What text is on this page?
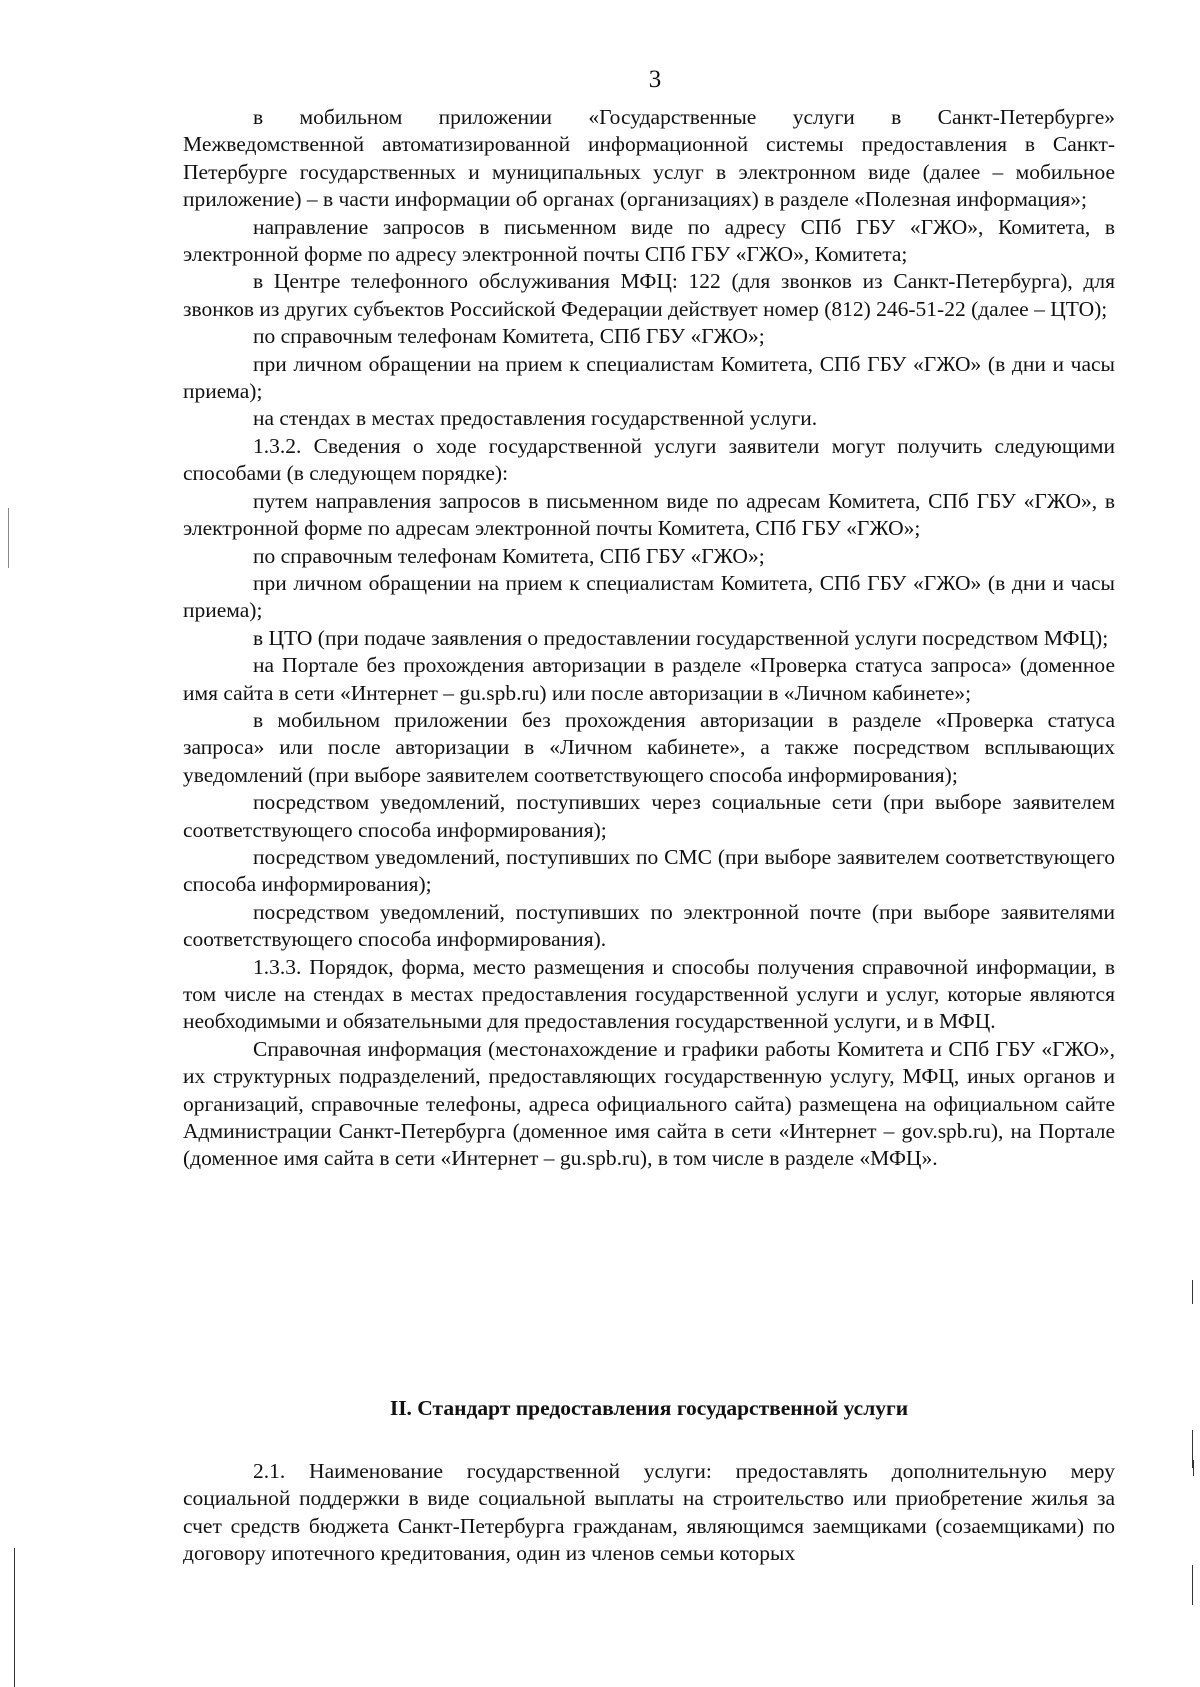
3

в мобильном приложении «Государственные услуги в Санкт-Петербурге» Межведомственной автоматизированной информационной системы предоставления в Санкт-Петербурге государственных и муниципальных услуг в электронном виде (далее – мобильное приложение) – в части информации об органах (организациях) в разделе «Полезная информация»;

направление запросов в письменном виде по адресу СПб ГБУ «ГЖО», Комитета, в электронной форме по адресу электронной почты СПб ГБУ «ГЖО», Комитета;

в Центре телефонного обслуживания МФЦ: 122 (для звонков из Санкт-Петербурга), для звонков из других субъектов Российской Федерации действует номер (812) 246-51-22 (далее – ЦТО);

по справочным телефонам Комитета, СПб ГБУ «ГЖО»;

при личном обращении на прием к специалистам Комитета, СПб ГБУ «ГЖО» (в дни и часы приема);

на стендах в местах предоставления государственной услуги.

1.3.2. Сведения о ходе государственной услуги заявители могут получить следующими способами (в следующем порядке):

путем направления запросов в письменном виде по адресам Комитета, СПб ГБУ «ГЖО», в электронной форме по адресам электронной почты Комитета, СПб ГБУ «ГЖО»;

по справочным телефонам Комитета, СПб ГБУ «ГЖО»;

при личном обращении на прием к специалистам Комитета, СПб ГБУ «ГЖО» (в дни и часы приема);

в ЦТО (при подаче заявления о предоставлении государственной услуги посредством МФЦ);

на Портале без прохождения авторизации в разделе «Проверка статуса запроса» (доменное имя сайта в сети «Интернет – gu.spb.ru) или после авторизации в «Личном кабинете»;

в мобильном приложении без прохождения авторизации в разделе «Проверка статуса запроса» или после авторизации в «Личном кабинете», а также посредством всплывающих уведомлений (при выборе заявителем соответствующего способа информирования);

посредством уведомлений, поступивших через социальные сети (при выборе заявителем соответствующего способа информирования);

посредством уведомлений, поступивших по СМС (при выборе заявителем соответствующего способа информирования);

посредством уведомлений, поступивших по электронной почте (при выборе заявителями соответствующего способа информирования).

1.3.3. Порядок, форма, место размещения и способы получения справочной информации, в том числе на стендах в местах предоставления государственной услуги и услуг, которые являются необходимыми и обязательными для предоставления государственной услуги, и в МФЦ.

Справочная информация (местонахождение и графики работы Комитета и СПб ГБУ «ГЖО», их структурных подразделений, предоставляющих государственную услугу, МФЦ, иных органов и организаций, справочные телефоны, адреса официального сайта) размещена на официальном сайте Администрации Санкт-Петербурга (доменное имя сайта в сети «Интернет – gov.spb.ru), на Портале (доменное имя сайта в сети «Интернет – gu.spb.ru), в том числе в разделе «МФЦ».

II. Стандарт предоставления государственной услуги

2.1. Наименование государственной услуги: предоставлять дополнительную меру социальной поддержки в виде социальной выплаты на строительство или приобретение жилья за счет средств бюджета Санкт-Петербурга гражданам, являющимся заемщиками (созаемщиками) по договору ипотечного кредитования, один из членов семьи которых
